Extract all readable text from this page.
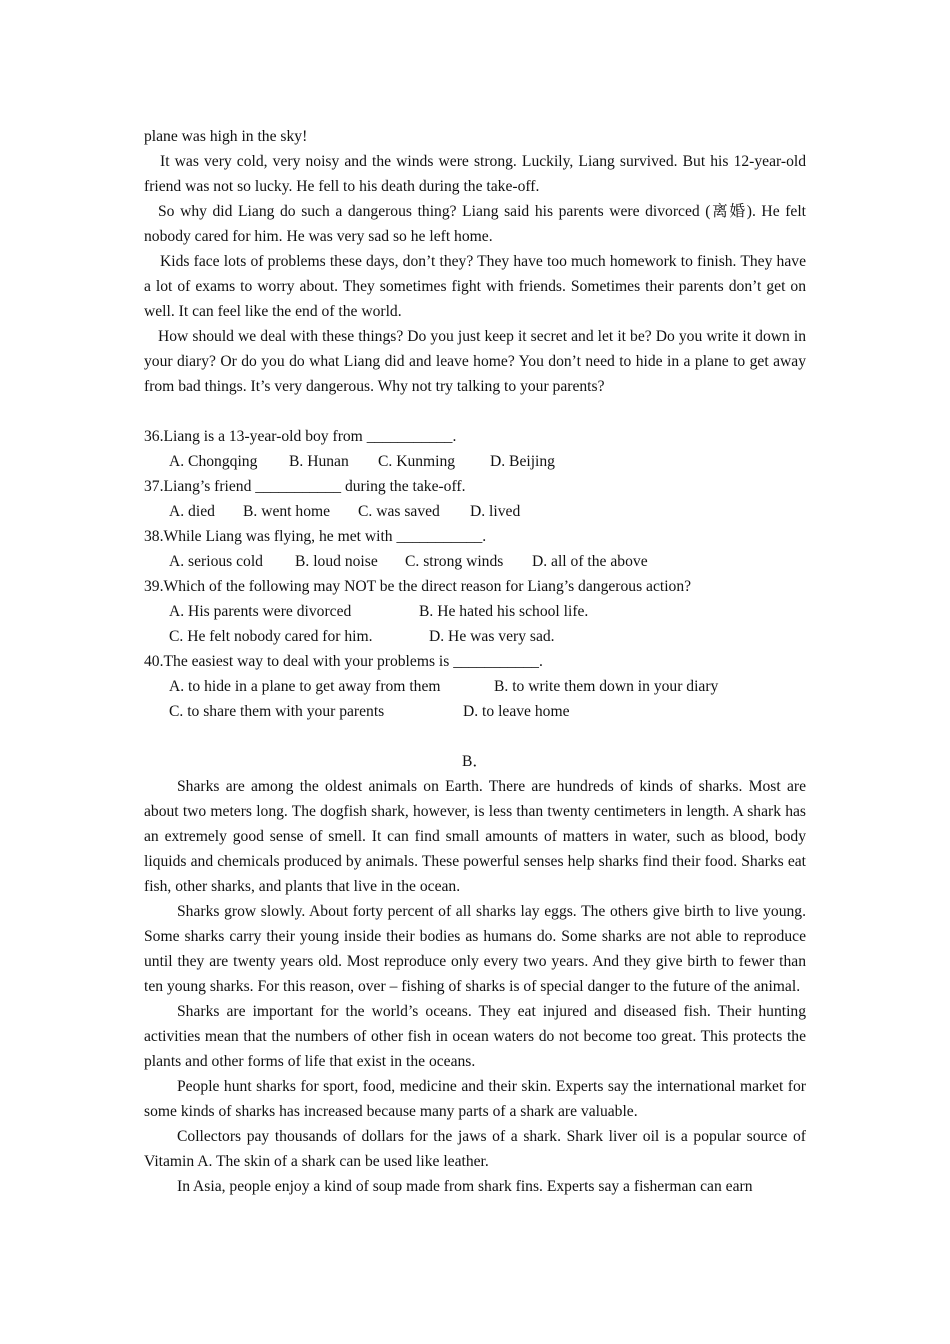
plane was high in the sky!

It was very cold, very noisy and the winds were strong. Luckily, Liang survived. But his 12-year-old friend was not so lucky. He fell to his death during the take-off.

So why did Liang do such a dangerous thing? Liang said his parents were divorced (离婚). He felt nobody cared for him. He was very sad so he left home.

Kids face lots of problems these days, don’t they? They have too much homework to finish. They have a lot of exams to worry about. They sometimes fight with friends. Sometimes their parents don’t get on well. It can feel like the end of the world.

How should we deal with these things? Do you just keep it secret and let it be? Do you write it down in your diary? Or do you do what Liang did and leave home? You don’t need to hide in a plane to get away from bad things. It’s very dangerous. Why not try talking to your parents?

36.Liang is a 13-year-old boy from ___________.

A. Chongqing B. Hunan C. Kunming D. Beijing

37.Liang’s friend ___________ during the take-off.

A. died B. went home C. was saved D. lived

38.While Liang was flying, he met with ___________.

A. serious cold B. loud noise C. strong winds D. all of the above

39.Which of the following may NOT be the direct reason for Liang’s dangerous action?

A. His parents were divorced	B. He hated his school life.

C. He felt nobody cared for him.	D. He was very sad.

40.The easiest way to deal with your problems is ___________.

A. to hide in a plane to get away from them	B. to write them down in your diary

C. to share them with your parents	D. to leave home

B．

Sharks are among the oldest animals on Earth. There are hundreds of kinds of sharks. Most are about two meters long. The dogfish shark, however, is less than twenty centimeters in length. A shark has an extremely good sense of smell. It can find small amounts of matters in water, such as blood, body liquids and chemicals produced by animals. These powerful senses help sharks find their food. Sharks eat fish, other sharks, and plants that live in the ocean.

Sharks grow slowly. About forty percent of all sharks lay eggs. The others give birth to live young. Some sharks carry their young inside their bodies as humans do. Some sharks are not able to reproduce until they are twenty years old. Most reproduce only every two years. And they give birth to fewer than ten young sharks. For this reason, over – fishing of sharks is of special danger to the future of the animal.

Sharks are important for the world’s oceans. They eat injured and diseased fish. Their hunting activities mean that the numbers of other fish in ocean waters do not become too great. This protects the plants and other forms of life that exist in the oceans.

People hunt sharks for sport, food, medicine and their skin. Experts say the international market for some kinds of sharks has increased because many parts of a shark are valuable.

Collectors pay thousands of dollars for the jaws of a shark. Shark liver oil is a popular source of Vitamin A. The skin of a shark can be used like leather.

In Asia, people enjoy a kind of soup made from shark fins. Experts say a fisherman can earn
